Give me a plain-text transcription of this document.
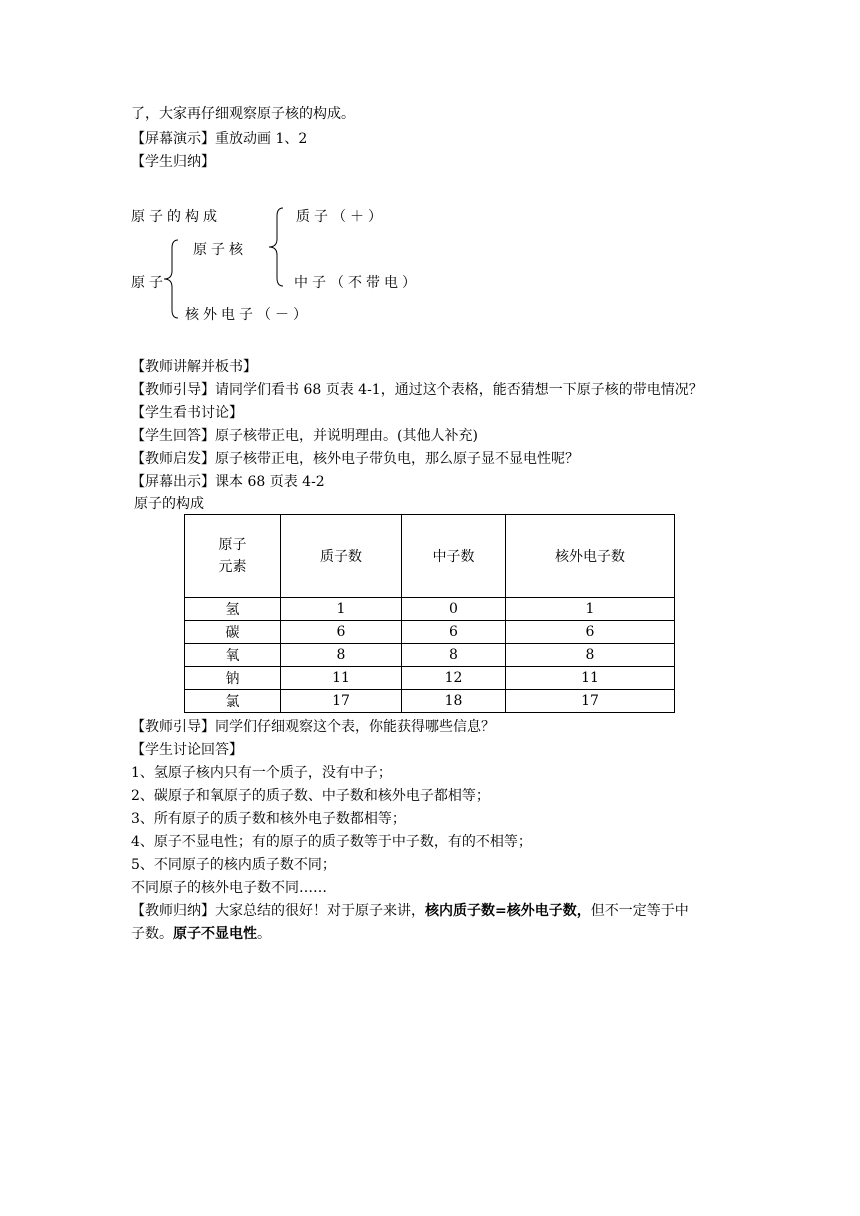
了，大家再仔细观察原子核的构成。
【屏幕演示】重放动画 1、2
【学生归纳】
原子的构成
原子核
原子
核外电子（－）
质子（＋）
中子（不带电）
【教师讲解并板书】
【教师引导】请同学们看书 68 页表 4-1，通过这个表格，能否猜想一下原子核的带电情况？
【学生看书讨论】
【学生回答】原子核带正电，并说明理由。(其他人补充)
【教师启发】原子核带正电，核外电子带负电，那么原子显不显电性呢？
【屏幕出示】课本 68 页表 4-2
原子的构成
原子
元素	质子数	中子数	核外电子数
氢	1	0	1
碳	6	6	6
氧	8	8	8
钠	11	12	11
氯	17	18	17
【教师引导】同学们仔细观察这个表，你能获得哪些信息？
【学生讨论回答】
1、氢原子核内只有一个质子，没有中子；
2、碳原子和氧原子的质子数、中子数和核外电子都相等；
3、所有原子的质子数和核外电子数都相等；
4、原子不显电性；有的原子的质子数等于中子数，有的不相等；
5、不同原子的核内质子数不同；
不同原子的核外电子数不同……
【教师归纳】大家总结的很好！对于原子来讲，核内质子数=核外电子数，但不一定等于中
子数。原子不显电性。
